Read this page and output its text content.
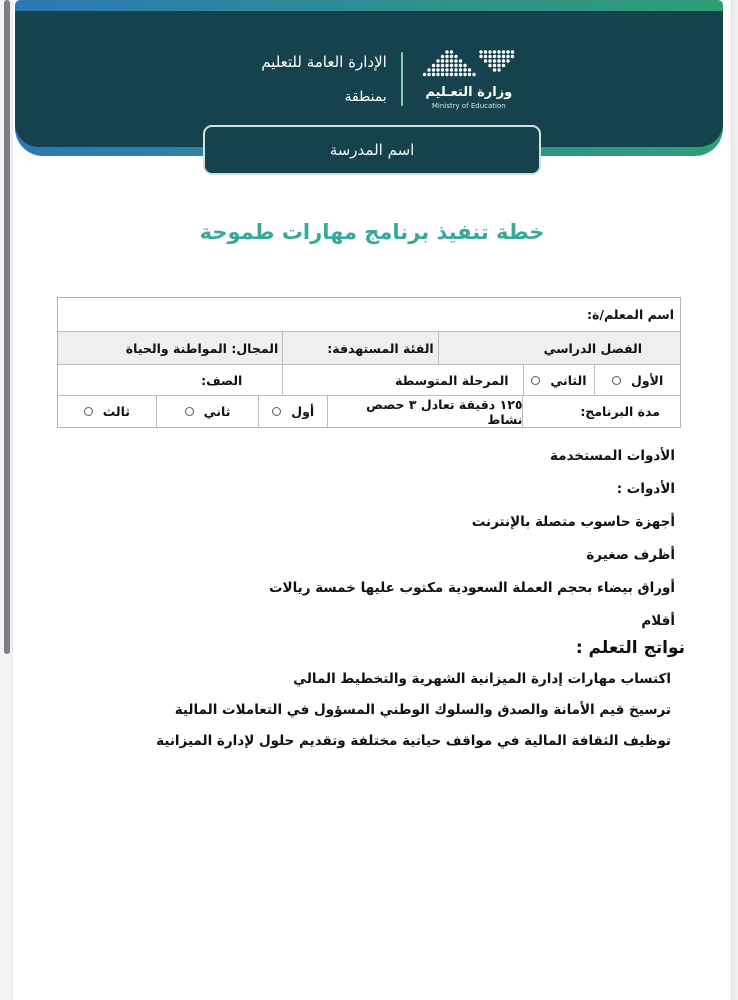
الإدارة العامة للتعليم
بمنطقة	وزارة التعـليم
Ministry of Education
اسم المدرسة
خطة تنفيذ برنامج مهارات طموحة
اسم المعلم/ة:
الفصل الدراسي
الفئة المستهدفة:
المجال: المواطنة والحياة
الأول
الثاني
المرحلة المتوسطة
الصف:
مدة البرنامج:
١٢٥ دقيقة تعادل ٣ حصص نشاط
أول
ثاني
ثالث
الأدوات المستخدمة
الأدوات :
أجهزة حاسوب متصلة بالإنترنت
أظرف صغيرة
أوراق بيضاء بحجم العملة السعودية مكتوب عليها خمسة ريالات
أقلام
نواتج التعلم :
اكتساب مهارات إدارة الميزانية الشهرية والتخطيط المالي
ترسيخ قيم الأمانة والصدق والسلوك الوطني المسؤول في التعاملات المالية
توظيف الثقافة المالية في مواقف حياتية مختلفة وتقديم حلول لإدارة الميزانية
